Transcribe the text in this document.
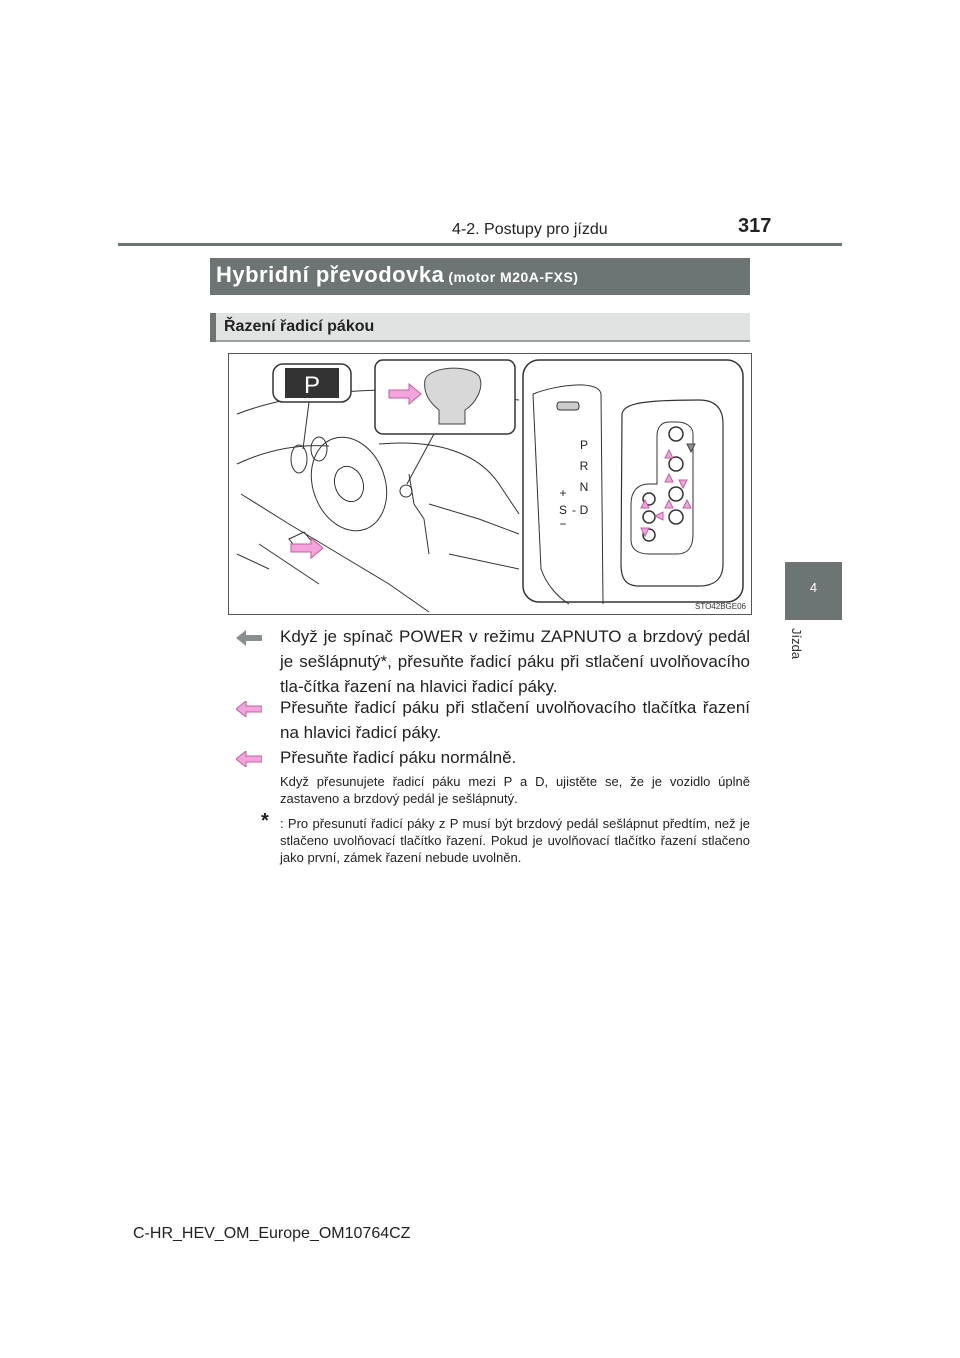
4-2. Postupy pro jízdu	317
4
Jízda
Hybridní převodovka (motor M20A-FXS)
Řazení řadicí pákou
P
P
R
N
D
+
S -
−
STO42BGE06
Když je spínač POWER v režimu ZAPNUTO a brzdový pedál je sešlápnutý*, přesuňte řadicí páku při stlačení uvolňovacího tla-čítka řazení na hlavici řadicí páky.
Přesuňte řadicí páku při stlačení uvolňovacího tlačítka řazení na hlavici řadicí páky.
Přesuňte řadicí páku normálně.
Když přesunujete řadicí páku mezi P a D, ujistěte se, že je vozidlo úplně zastaveno a brzdový pedál je sešlápnutý.
* : Pro přesunutí řadicí páky z P musí být brzdový pedál sešlápnut předtím, než je stlačeno uvolňovací tlačítko řazení. Pokud je uvolňovací tlačítko řazení stlačeno jako první, zámek řazení nebude uvolněn.
C-HR_HEV_OM_Europe_OM10764CZ
